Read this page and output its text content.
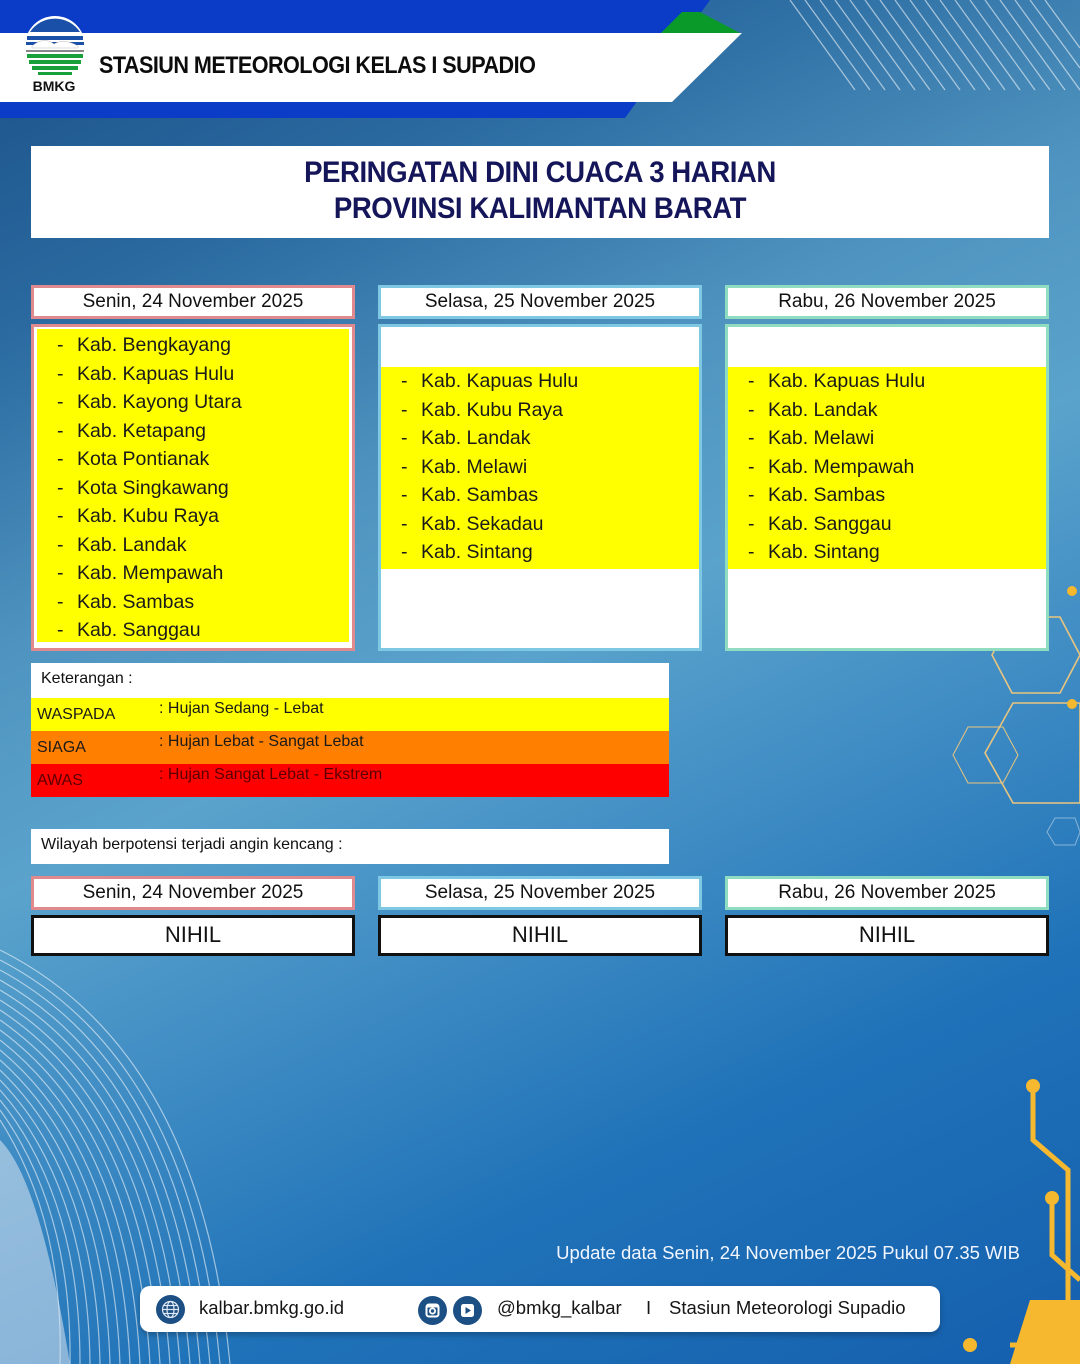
BMKG
STASIUN METEOROLOGI KELAS I SUPADIO
PERINGATAN DINI CUACA 3 HARIAN
PROVINSI KALIMANTAN BARAT
Senin, 24 November 2025
- Kab. Bengkayang
- Kab. Kapuas Hulu
- Kab. Kayong Utara
- Kab. Ketapang
- Kota Pontianak
- Kota Singkawang
- Kab. Kubu Raya
- Kab. Landak
- Kab. Mempawah
- Kab. Sambas
- Kab. Sanggau
Selasa, 25 November 2025
- Kab. Kapuas Hulu
- Kab. Kubu Raya
- Kab. Landak
- Kab. Melawi
- Kab. Sambas
- Kab. Sekadau
- Kab. Sintang
Rabu, 26 November 2025
- Kab. Kapuas Hulu
- Kab. Landak
- Kab. Melawi
- Kab. Mempawah
- Kab. Sambas
- Kab. Sanggau
- Kab. Sintang
Keterangan :
WASPADA	: Hujan Sedang - Lebat
SIAGA	: Hujan Lebat - Sangat Lebat
AWAS	: Hujan Sangat Lebat - Ekstrem
Wilayah berpotensi terjadi angin kencang :
Senin, 24 November 2025	Selasa, 25 November 2025	Rabu, 26 November 2025
NIHIL	NIHIL	NIHIL
Update data Senin, 24 November 2025 Pukul 07.35 WIB
kalbar.bmkg.go.id	@bmkg_kalbar I Stasiun Meteorologi Supadio
